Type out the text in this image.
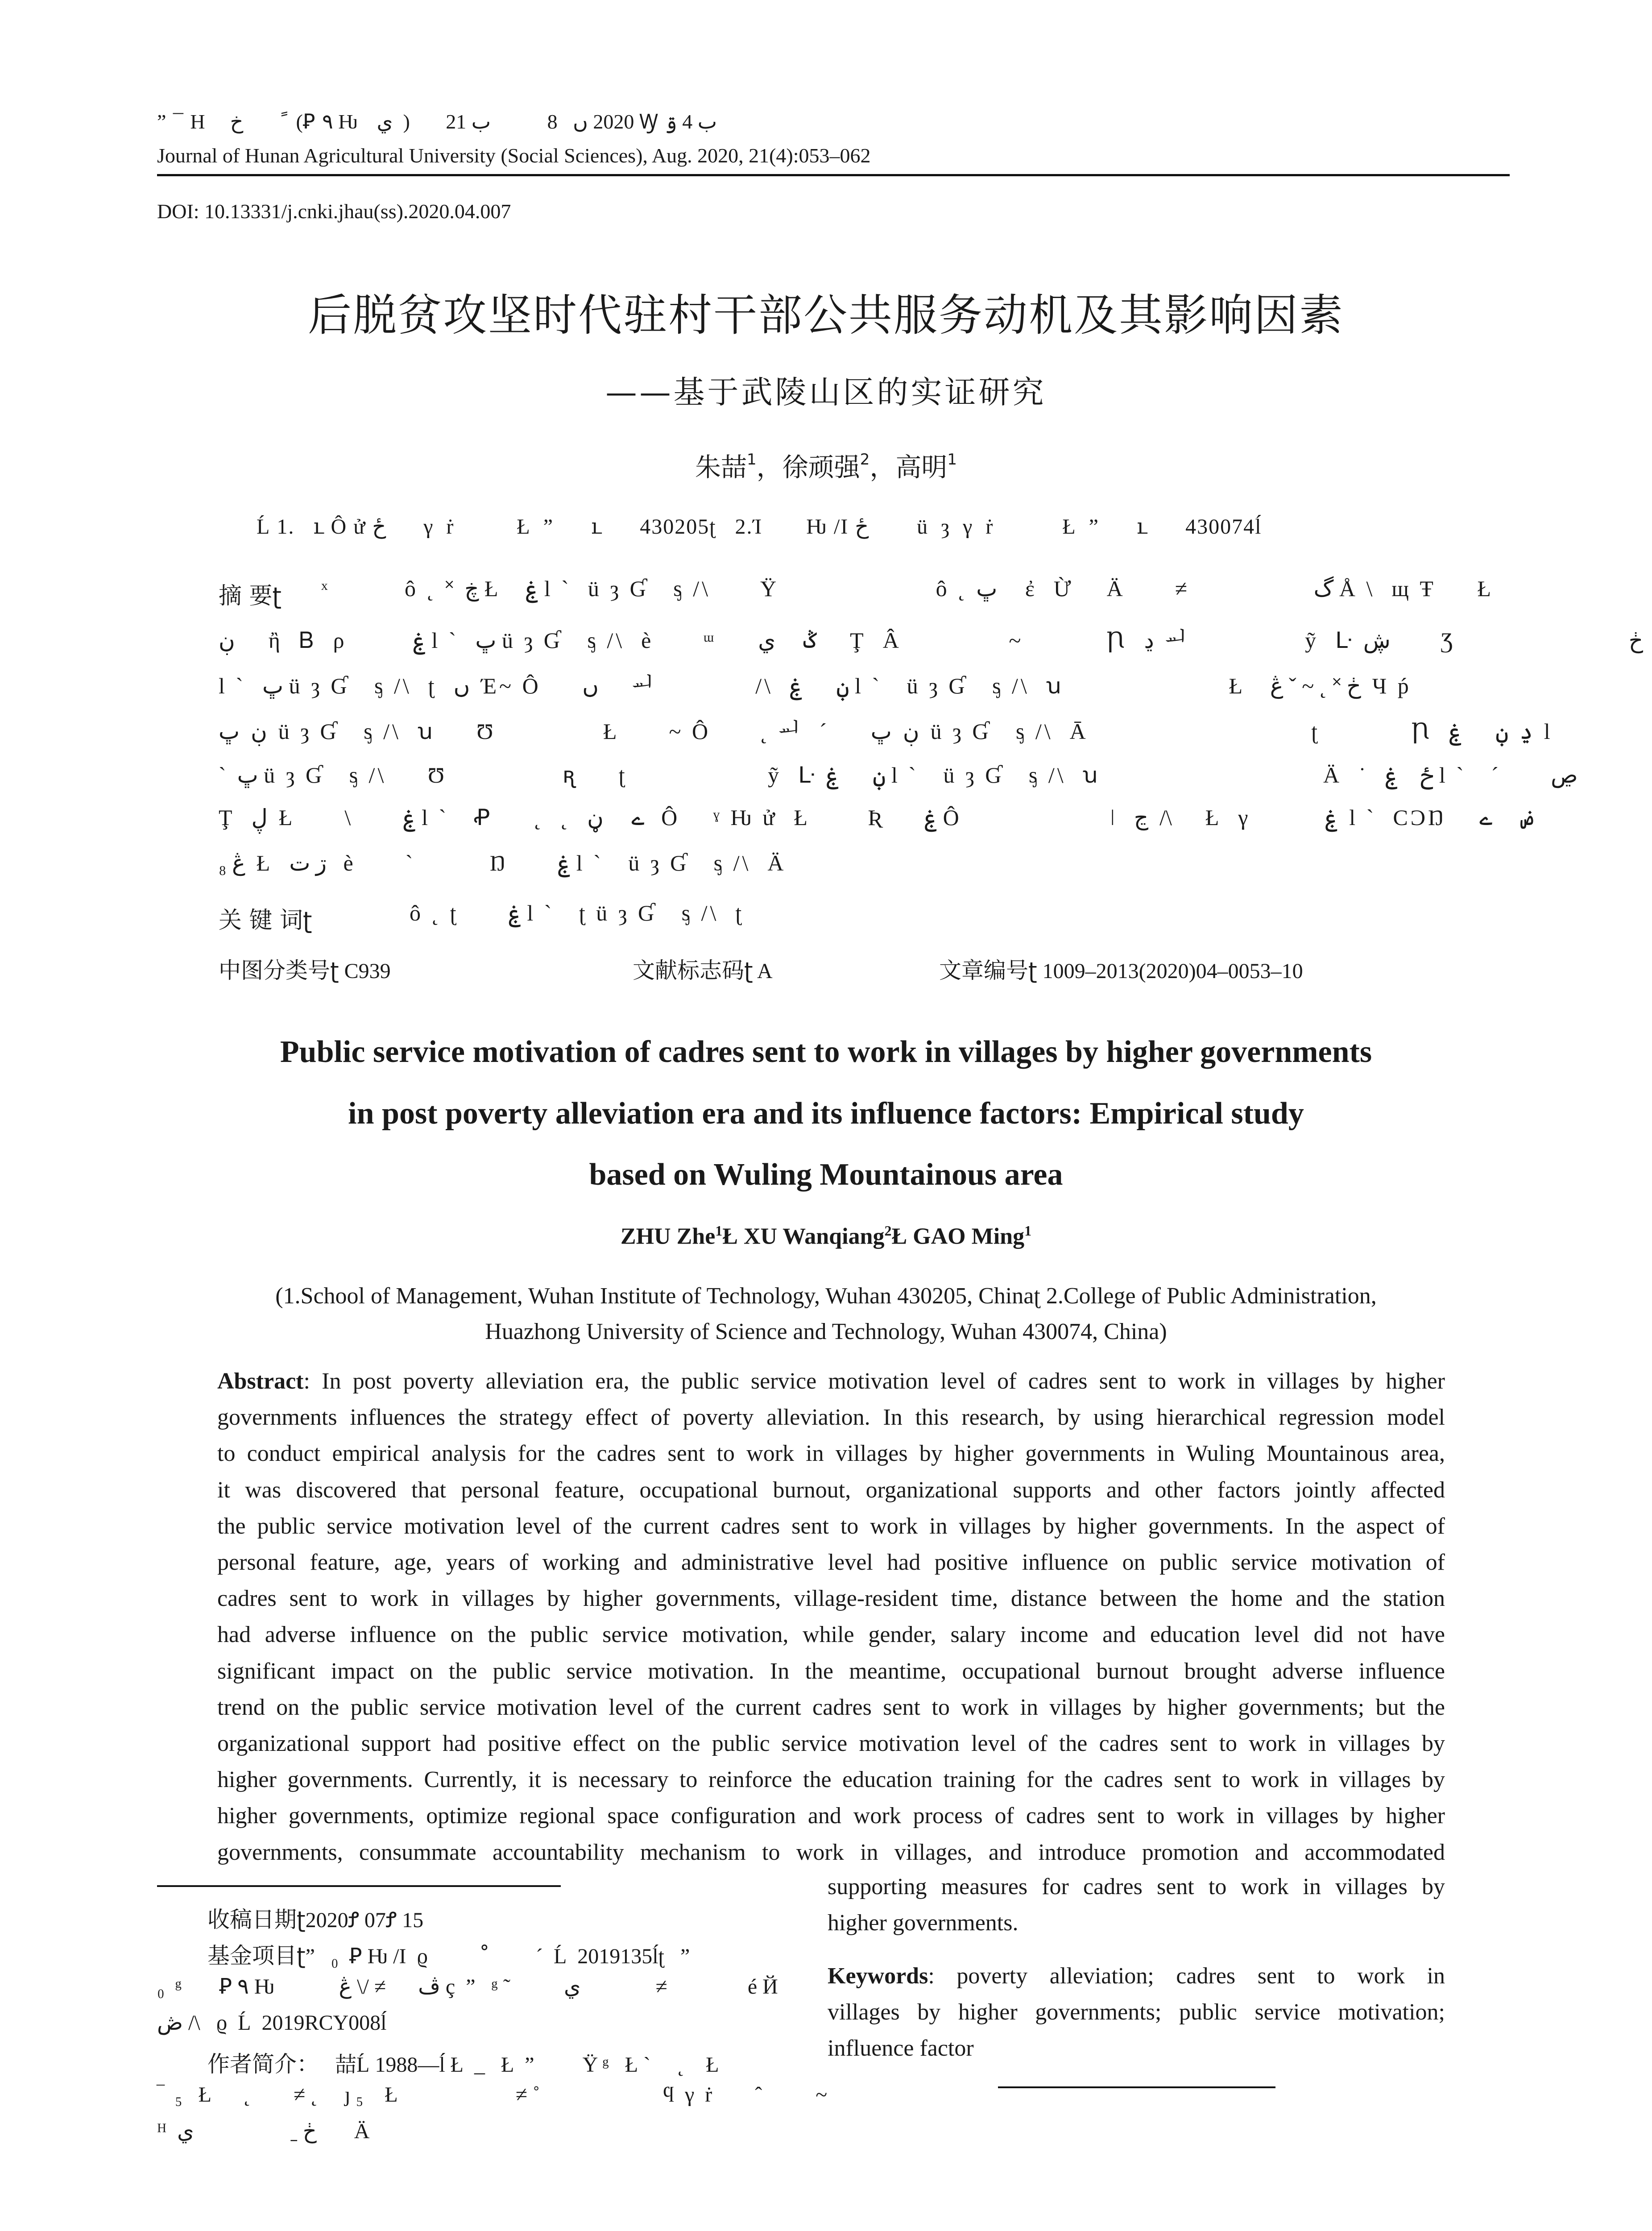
” ¯ Η    خ        ً  (Ꝑ ٩ Ƕ   ي  )       2020 ں   8           ب 21 Ꝡ ب 4 ۊ
Journal of Hunan Agricultural University (Social Sciences), Aug. 2020, 21(4):053–062
DOI: 10.13331/j.cnki.jhau(ss).2020.04.007
后脱贫攻坚时代驻村干部公共服务动机及其影响因素
——基于武陵山区的实证研究
朱喆$^1$，徐顽强$^2$，高明$^1$
Ĺ 1.   ւ Ô ử ځ       γ  ṙ          Ł  ”      ւ      430205ʈ   2.Ί       Ƕ /Ι ځ         ü  ȝ  γ  ṙ           Ł  ”      ւ      430074ĺ
摘 要ʈ ˣ         ô ˛ ˟ ڿ Ł   ۼ l ˋ  ü ȝ Ɠ   ᶊ /\      Ÿ                   ô ˛ ڀ     ἐ  Ừ    Ä      ≠               گ Å \  щ Ŧ     Ł
ڹ      ἢ  Ᏼ  ρ        ۼ l ˋ  ڀ ü ȝ Ɠ   ᶊ /\  è      ᵚ     ݣ     ي      Ţ  Â             ~          Ꞃ  ڍ  ᆈ              ỹ  ᒷ ڜ         Ʒ                     ڂ
l ˋ  ڀ ü ȝ Ɠ   ᶊ /\  ʈ  ں  Έ~ Ô     ں      ᆈ            /\  ڹ      ۼ l ˋ   ü ȝ Ɠ   ᶊ /\  ꭒ                    Ł   ڂ ˟ ˛ ~ ˇ ڠ  Ч ṕ
ڹ  ڀ  ü ȝ Ɠ   ᶊ /\  ꭒ     Ʊ             Ł      ~ Ô      ˛ ᆈ  ˊ     ڹ  ڀ  ü ȝ Ɠ   ᶊ /\  Ā                           ʈ           Ꞃ  ڍ  ڹ      ۼ  l
ˋ  ڀ ü ȝ Ɠ   ᶊ /\     Ʊ              ꭆ     ʈ                 ỹ  ᒷ ڹ      ۼ l ˋ   ü ȝ Ɠ   ᶊ /\  ꭒ                           Ä  ˙  ځ    ۼ l ˋ   ˊ      ڝ
Ţ  ڸ  Ł      \      ۼ l ˋ   Ꝓ     ˛  ˛  ے     ڼ   Ô    ˠ Ƕ ử  Ł       Ʀ     ۼ Ô                  ǀ  ڃ  /\      Ł  γ         ۼ  l ˋ  ϹϽŊ    ض     ے
ڠ ₈  Ł  ڗ ت   è      `         Ŋ      ۼ l ˋ   ü ȝ Ɠ   ᶊ /\  Ä
关 键 词ʈ ô ˛ ʈ      ۼ l ˋ   ʈ ü ȝ Ɠ   ᶊ /\  ʈ
中图分类号ʈ C939	文献标志码ʈ A	文章编号ʈ 1009–2013(2020)04–0053–10
Public service motivation of cadres sent to work in villages by higher governments
in post poverty alleviation era and its influence factors: Empirical study
based on Wuling Mountainous area
ZHU Zhe$^1$Ł XU Wanqiang$^2$Ł GAO Ming$^1$
(1.School of Management, Wuhan Institute of Technology, Wuhan 430205, Chinaʈ 2.College of Public Administration,
Huazhong University of Science and Technology, Wuhan 430074, China)
Abstract: In post poverty alleviation era, the public service motivation level of cadres sent to work in villages by higher
governments influences the strategy effect of poverty alleviation. In this research, by using hierarchical regression model
to conduct empirical analysis for the cadres sent to work in villages by higher governments in Wuling Mountainous area,
it was discovered that personal feature, occupational burnout, organizational supports and other factors jointly affected
the public service motivation level of the current cadres sent to work in villages by higher governments. In the aspect of
personal feature, age, years of working and administrative level had positive influence on public service motivation of
cadres sent to work in villages by higher governments, village-resident time, distance between the home and the station
had adverse influence on the public service motivation, while gender, salary income and education level did not have
significant impact on the public service motivation. In the meantime, occupational burnout brought adverse influence
trend on the public service motivation level of the current cadres sent to work in villages by higher governments; but the
organizational support had positive effect on the public service motivation level of the cadres sent to work in villages by
higher governments. Currently, it is necessary to reinforce the education training for the cadres sent to work in villages by
higher governments, optimize regional space configuration and work process of cadres sent to work in villages by higher
governments, consummate accountability mechanism to work in villages, and introduce promotion and accommodated
supporting measures for cadres sent to work in villages by
higher governments.
Keywords: poverty alleviation; cadres sent to work in
villages by higher governments; public service motivation;
influence factor
收稿日期ʈ2020Ꝭ 07Ꝭ 15
基金项目ʈ”   ₀  Ꝑ Ƕ /Ι  ϱ           ْ         ˊ  Ĺ  2019135ĺʈ   ”
₀  ᵍ       Ꝑ ٩ Ƕ            ڤ      ≠ /\ ڠ ç  ”   ᵍ ˜          ي              ≠               é Й
ڞ /\   ϱ  Ĺ  2019RCY008ĺ
作者简介： 喆Ĺ 1988—ĺ Ł  _   Ł  ”         Ϋ ᵍ   Ł `     ˛    Ł
‾  ₅   Ł      ˛        ≠ ˛     ȷ ₅    Ł                      ≠ ˚                       ϥ  γ  ṙ        ˆ          ~
ᴴ  ڂ ˍ                  ي       Ä
